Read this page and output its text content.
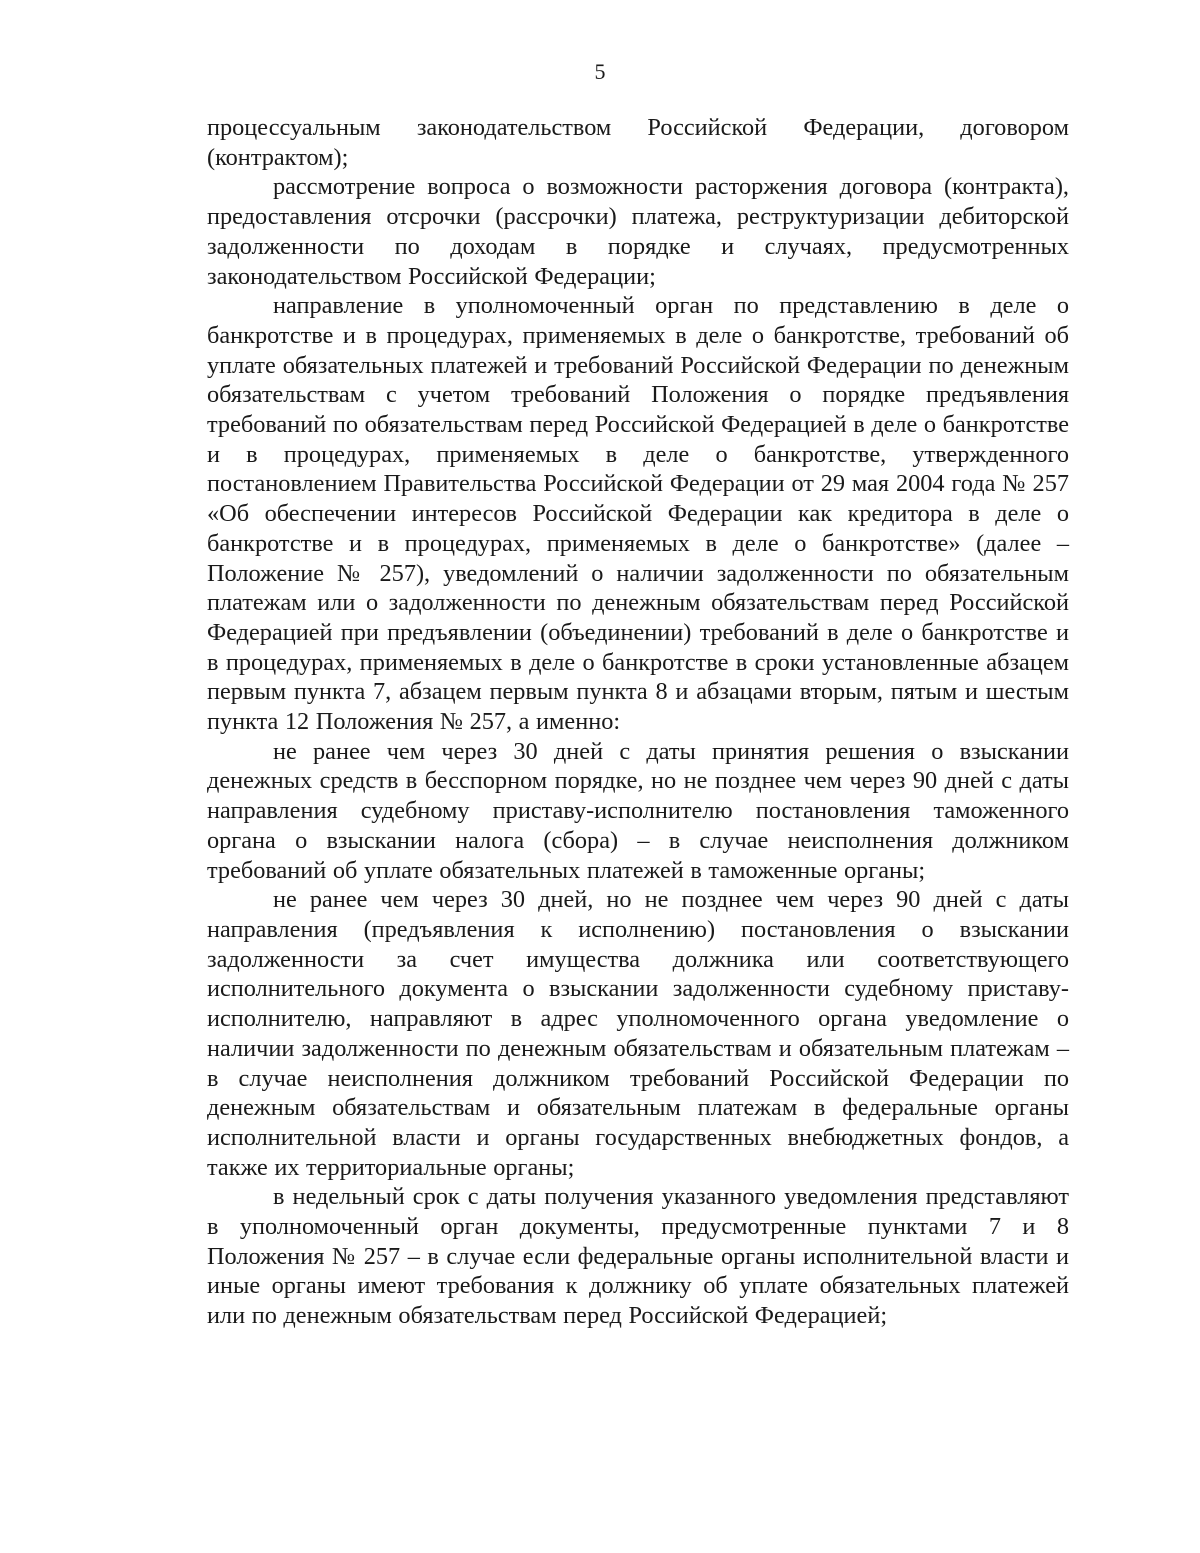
5

процессуальным законодательством Российской Федерации, договором (контрактом);

рассмотрение вопроса о возможности расторжения договора (контракта), предоставления отсрочки (рассрочки) платежа, реструктуризации дебиторской задолженности по доходам в порядке и случаях, предусмотренных законодательством Российской Федерации;

направление в уполномоченный орган по представлению в деле о банкротстве и в процедурах, применяемых в деле о банкротстве, требований об уплате обязательных платежей и требований Российской Федерации по денежным обязательствам с учетом требований Положения о порядке предъявления требований по обязательствам перед Российской Федерацией в деле о банкротстве и в процедурах, применяемых в деле о банкротстве, утвержденного постановлением Правительства Российской Федерации от 29 мая 2004 года № 257 «Об обеспечении интересов Российской Федерации как кредитора в деле о банкротстве и в процедурах, применяемых в деле о банкротстве» (далее – Положение № 257), уведомлений о наличии задолженности по обязательным платежам или о задолженности по денежным обязательствам перед Российской Федерацией при предъявлении (объединении) требований в деле о банкротстве и в процедурах, применяемых в деле о банкротстве в сроки установленные абзацем первым пункта 7, абзацем первым пункта 8 и абзацами вторым, пятым и шестым пункта 12 Положения № 257, а именно:

не ранее чем через 30 дней с даты принятия решения о взыскании денежных средств в бесспорном порядке, но не позднее чем через 90 дней с даты направления судебному приставу-исполнителю постановления таможенного органа о взыскании налога (сбора) – в случае неисполнения должником требований об уплате обязательных платежей в таможенные органы;

не ранее чем через 30 дней, но не позднее чем через 90 дней с даты направления (предъявления к исполнению) постановления о взыскании задолженности за счет имущества должника или соответствующего исполнительного документа о взыскании задолженности судебному приставу-исполнителю, направляют в адрес уполномоченного органа уведомление о наличии задолженности по денежным обязательствам и обязательным платежам – в случае неисполнения должником требований Российской Федерации по денежным обязательствам и обязательным платежам в федеральные органы исполнительной власти и органы государственных внебюджетных фондов, а также их территориальные органы;

в недельный срок с даты получения указанного уведомления представляют в уполномоченный орган документы, предусмотренные пунктами 7 и 8 Положения № 257 – в случае если федеральные органы исполнительной власти и иные органы имеют требования к должнику об уплате обязательных платежей или по денежным обязательствам перед Российской Федерацией;
